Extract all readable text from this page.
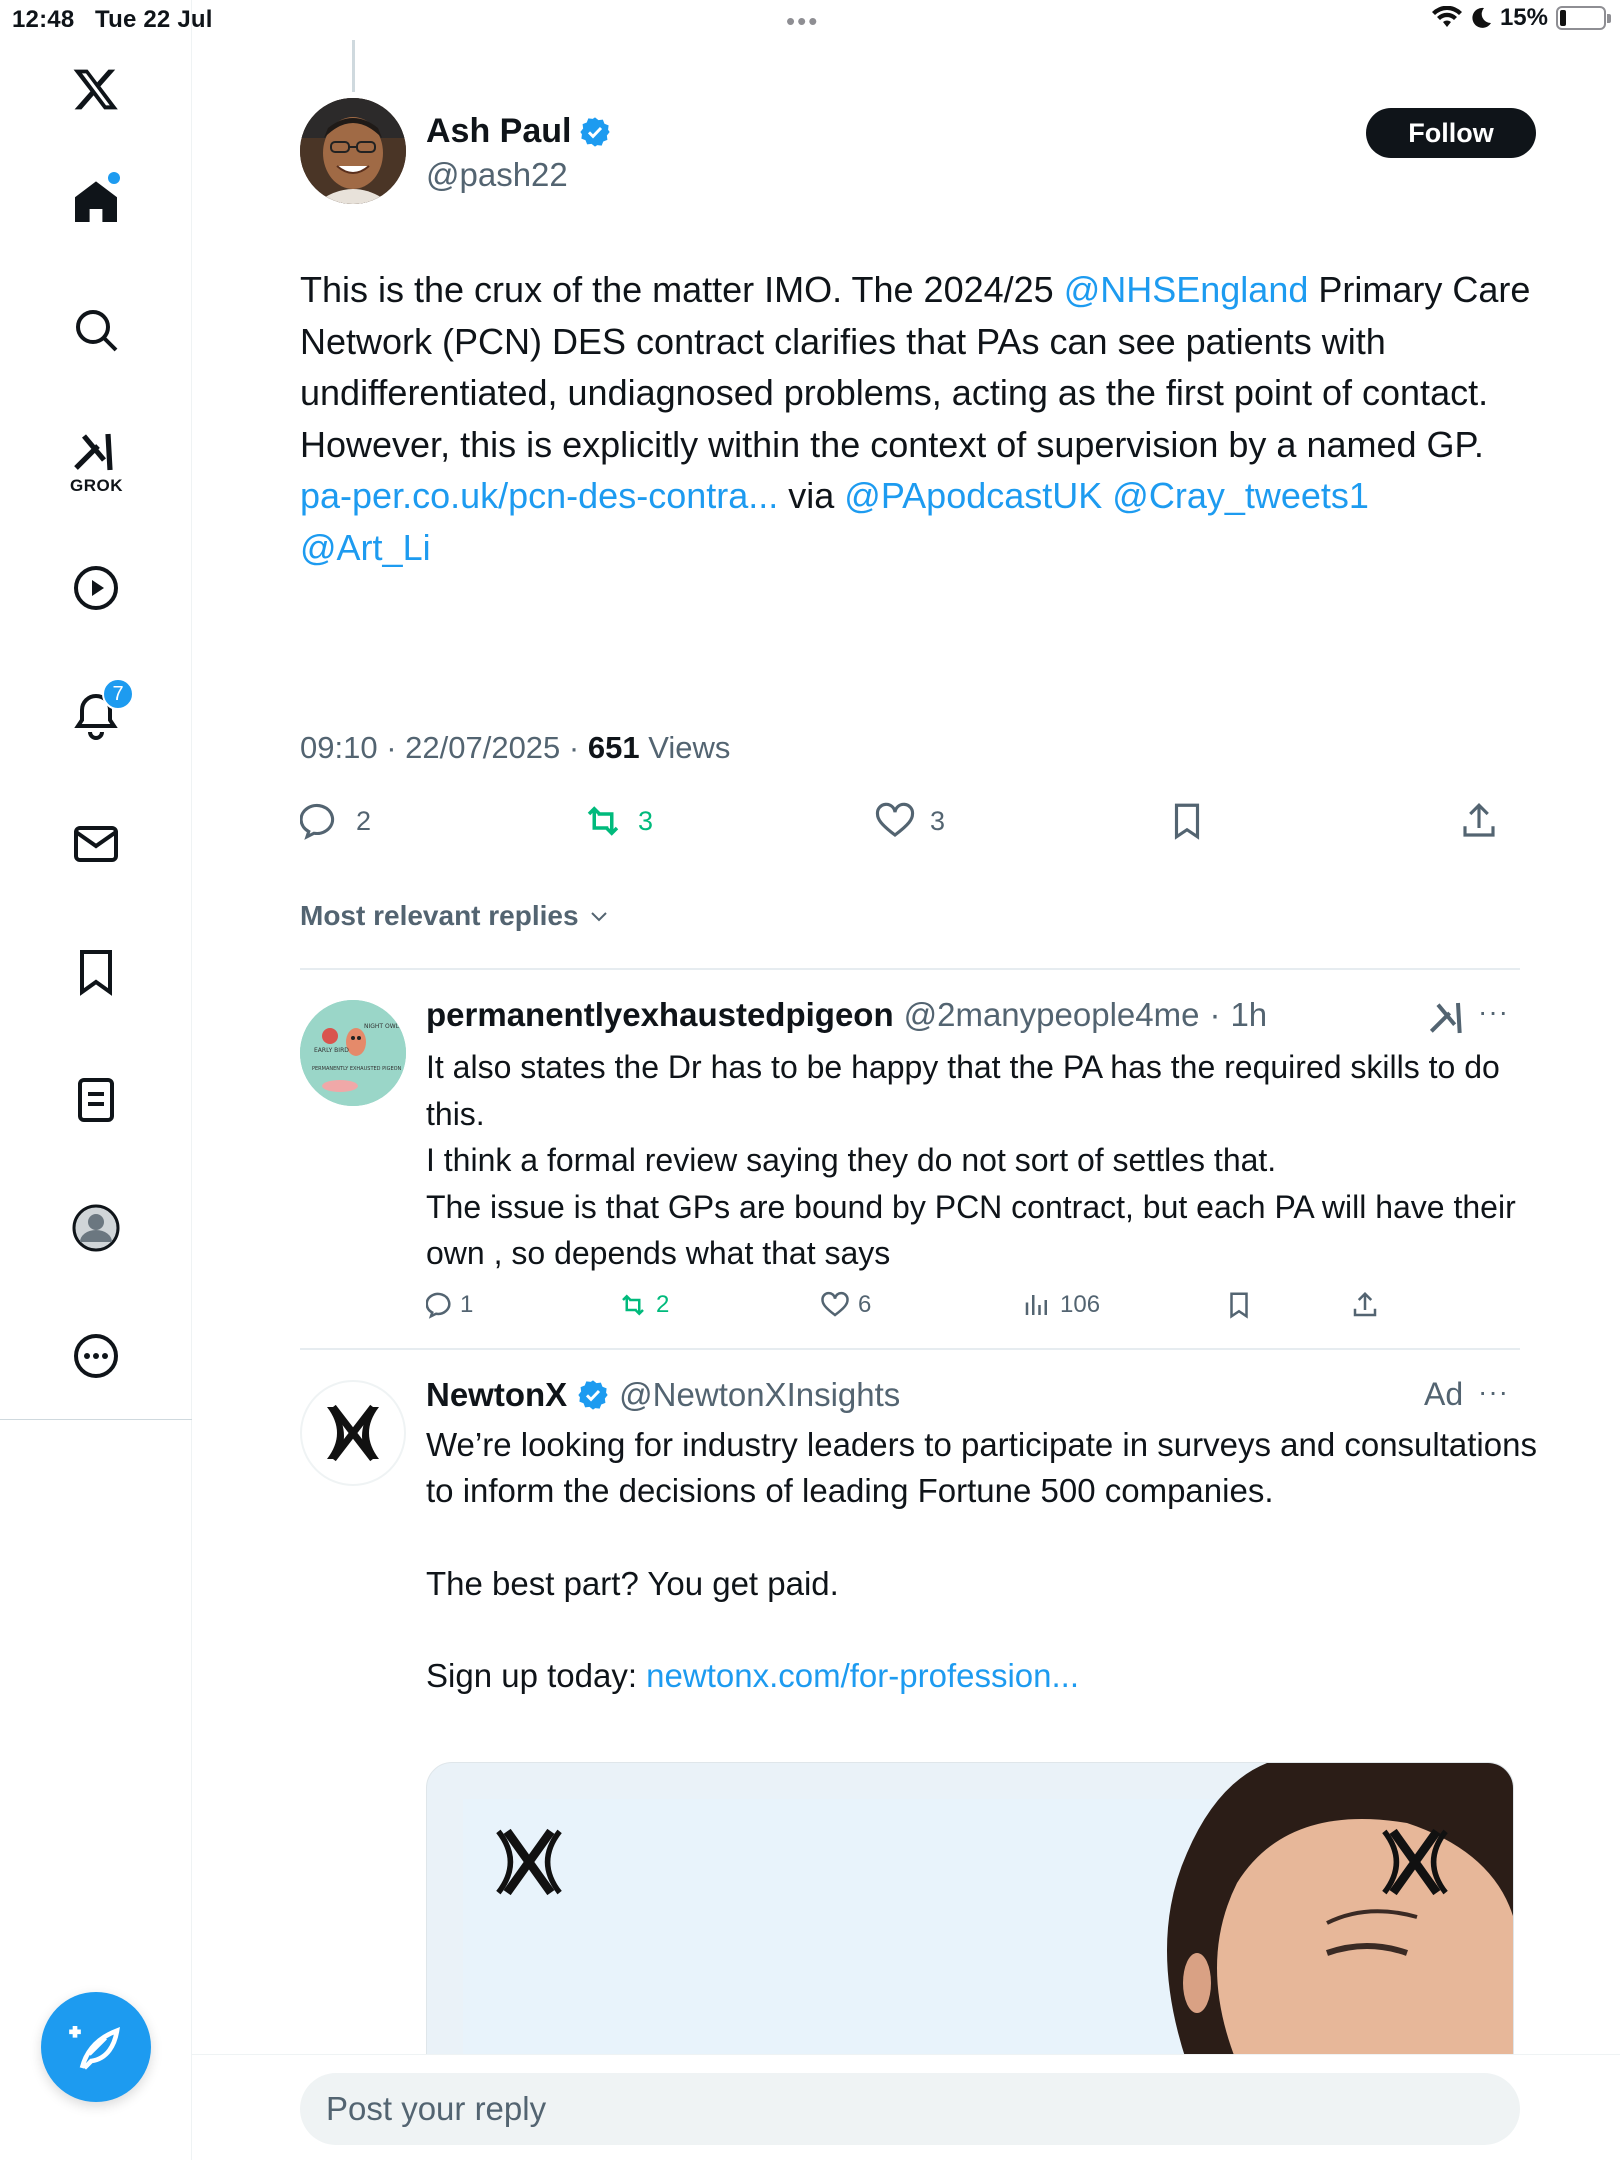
12:48 Tue 22 Jul	•••	15%
GROK
7
Ash Paul
@pash22
Follow
This is the crux of the matter IMO. The 2024/25 @NHSEngland Primary Care Network (PCN) DES contract clarifies that PAs can see patients with undifferentiated, undiagnosed problems, acting as the first point of contact.
However, this is explicitly within the context of supervision by a named GP.
pa-per.co.uk/pcn-des-contra... via @PApodcastUK @Cray_tweets1
@Art_Li
09:10 · 22/07/2025 · 651 Views
2	3	3
Most relevant replies
NIGHT OWL
EARLY BIRD
PERMANENTLY EXHAUSTED PIGEON
permanentlyexhaustedpigeon @2manypeople4me · 1h	···
It also states the Dr has to be happy that the PA has the required skills to do this.
I think a formal review saying they do not sort of settles that.
The issue is that GPs are bound by PCN contract, but each PA will have their own , so depends what that says
1	2	6	106
NewtonX @NewtonXInsights	Ad ···
We’re looking for industry leaders to participate in surveys and consultations to inform the decisions of leading Fortune 500 companies.

The best part? You get paid.

Sign up today: newtonx.com/for-profession...
Post your reply
